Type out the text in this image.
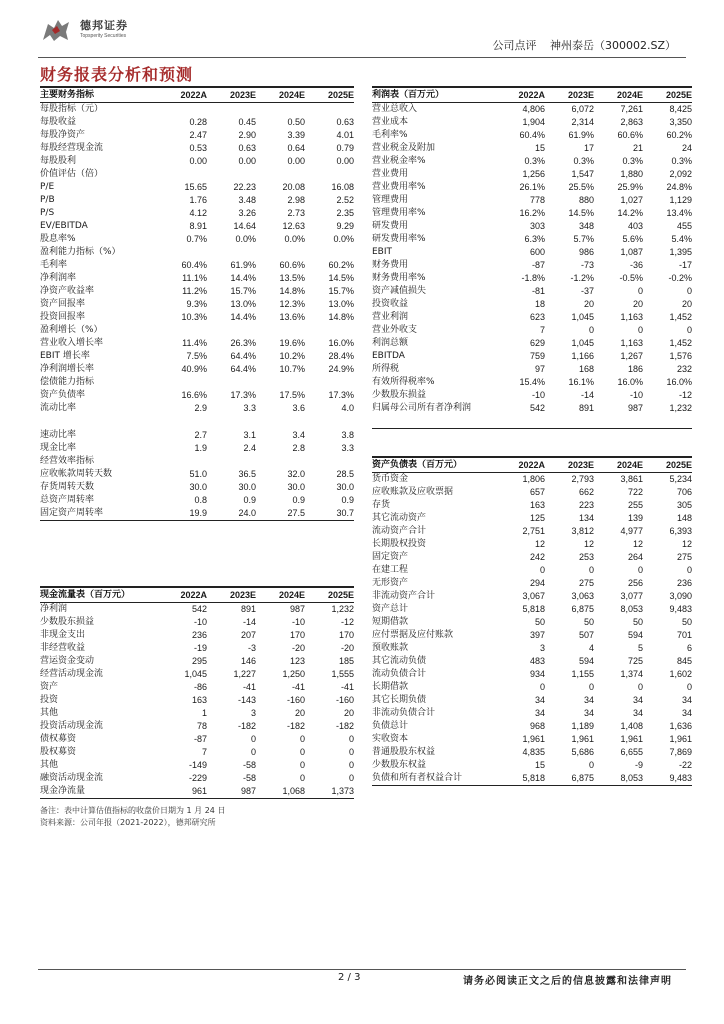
德邦证券
Topsperity Securities
公司点评 神州泰岳（300002.SZ）
财务报表分析和预测
主要财务指标	2022A	2023E	2024E	2025E
每股指标（元）
每股收益	0.28	0.45	0.50	0.63
每股净资产	2.47	2.90	3.39	4.01
每股经营现金流	0.53	0.63	0.64	0.79
每股股利	0.00	0.00	0.00	0.00
价值评估（倍）
P/E	15.65	22.23	20.08	16.08
P/B	1.76	3.48	2.98	2.52
P/S	4.12	3.26	2.73	2.35
EV/EBITDA	8.91	14.64	12.63	9.29
股息率%	0.7%	0.0%	0.0%	0.0%
盈利能力指标（%）
毛利率	60.4%	61.9%	60.6%	60.2%
净利润率	11.1%	14.4%	13.5%	14.5%
净资产收益率	11.2%	15.7%	14.8%	15.7%
资产回报率	9.3%	13.0%	12.3%	13.0%
投资回报率	10.3%	14.4%	13.6%	14.8%
盈利增长（%）
营业收入增长率	11.4%	26.3%	19.6%	16.0%
EBIT 增长率	7.5%	64.4%	10.2%	28.4%
净利润增长率	40.9%	64.4%	10.7%	24.9%
偿债能力指标
资产负债率	16.6%	17.3%	17.5%	17.3%
流动比率	2.9	3.3	3.6	4.0
速动比率	2.7	3.1	3.4	3.8
现金比率	1.9	2.4	2.8	3.3
经营效率指标
应收帐款周转天数	51.0	36.5	32.0	28.5
存货周转天数	30.0	30.0	30.0	30.0
总资产周转率	0.8	0.9	0.9	0.9
固定资产周转率	19.9	24.0	27.5	30.7
现金流量表（百万元）	2022A	2023E	2024E	2025E
净利润	542	891	987	1,232
少数股东损益	-10	-14	-10	-12
非现金支出	236	207	170	170
非经营收益	-19	-3	-20	-20
营运资金变动	295	146	123	185
经营活动现金流	1,045	1,227	1,250	1,555
资产	-86	-41	-41	-41
投资	163	-143	-160	-160
其他	1	3	20	20
投资活动现金流	78	-182	-182	-182
债权募资	-87	0	0	0
股权募资	7	0	0	0
其他	-149	-58	0	0
融资活动现金流	-229	-58	0	0
现金净流量	961	987	1,068	1,373
利润表（百万元）	2022A	2023E	2024E	2025E
营业总收入	4,806	6,072	7,261	8,425
营业成本	1,904	2,314	2,863	3,350
毛利率%	60.4%	61.9%	60.6%	60.2%
营业税金及附加	15	17	21	24
营业税金率%	0.3%	0.3%	0.3%	0.3%
营业费用	1,256	1,547	1,880	2,092
营业费用率%	26.1%	25.5%	25.9%	24.8%
管理费用	778	880	1,027	1,129
管理费用率%	16.2%	14.5%	14.2%	13.4%
研发费用	303	348	403	455
研发费用率%	6.3%	5.7%	5.6%	5.4%
EBIT	600	986	1,087	1,395
财务费用	-87	-73	-36	-17
财务费用率%	-1.8%	-1.2%	-0.5%	-0.2%
资产减值损失	-81	-37	0	0
投资收益	18	20	20	20
营业利润	623	1,045	1,163	1,452
营业外收支	7	0	0	0
利润总额	629	1,045	1,163	1,452
EBITDA	759	1,166	1,267	1,576
所得税	97	168	186	232
有效所得税率%	15.4%	16.1%	16.0%	16.0%
少数股东损益	-10	-14	-10	-12
归属母公司所有者净利润	542	891	987	1,232
资产负债表（百万元）	2022A	2023E	2024E	2025E
货币资金	1,806	2,793	3,861	5,234
应收账款及应收票据	657	662	722	706
存货	163	223	255	305
其它流动资产	125	134	139	148
流动资产合计	2,751	3,812	4,977	6,393
长期股权投资	12	12	12	12
固定资产	242	253	264	275
在建工程	0	0	0	0
无形资产	294	275	256	236
非流动资产合计	3,067	3,063	3,077	3,090
资产总计	5,818	6,875	8,053	9,483
短期借款	50	50	50	50
应付票据及应付账款	397	507	594	701
预收账款	3	4	5	6
其它流动负债	483	594	725	845
流动负债合计	934	1,155	1,374	1,602
长期借款	0	0	0	0
其它长期负债	34	34	34	34
非流动负债合计	34	34	34	34
负债总计	968	1,189	1,408	1,636
实收资本	1,961	1,961	1,961	1,961
普通股股东权益	4,835	5,686	6,655	7,869
少数股东权益	15	0	-9	-22
负债和所有者权益合计	5,818	6,875	8,053	9,483
备注：表中计算估值指标的收盘价日期为 1 月 24 日
资料来源：公司年报（2021-2022），德邦研究所
2 / 3	请务必阅读正文之后的信息披露和法律声明
